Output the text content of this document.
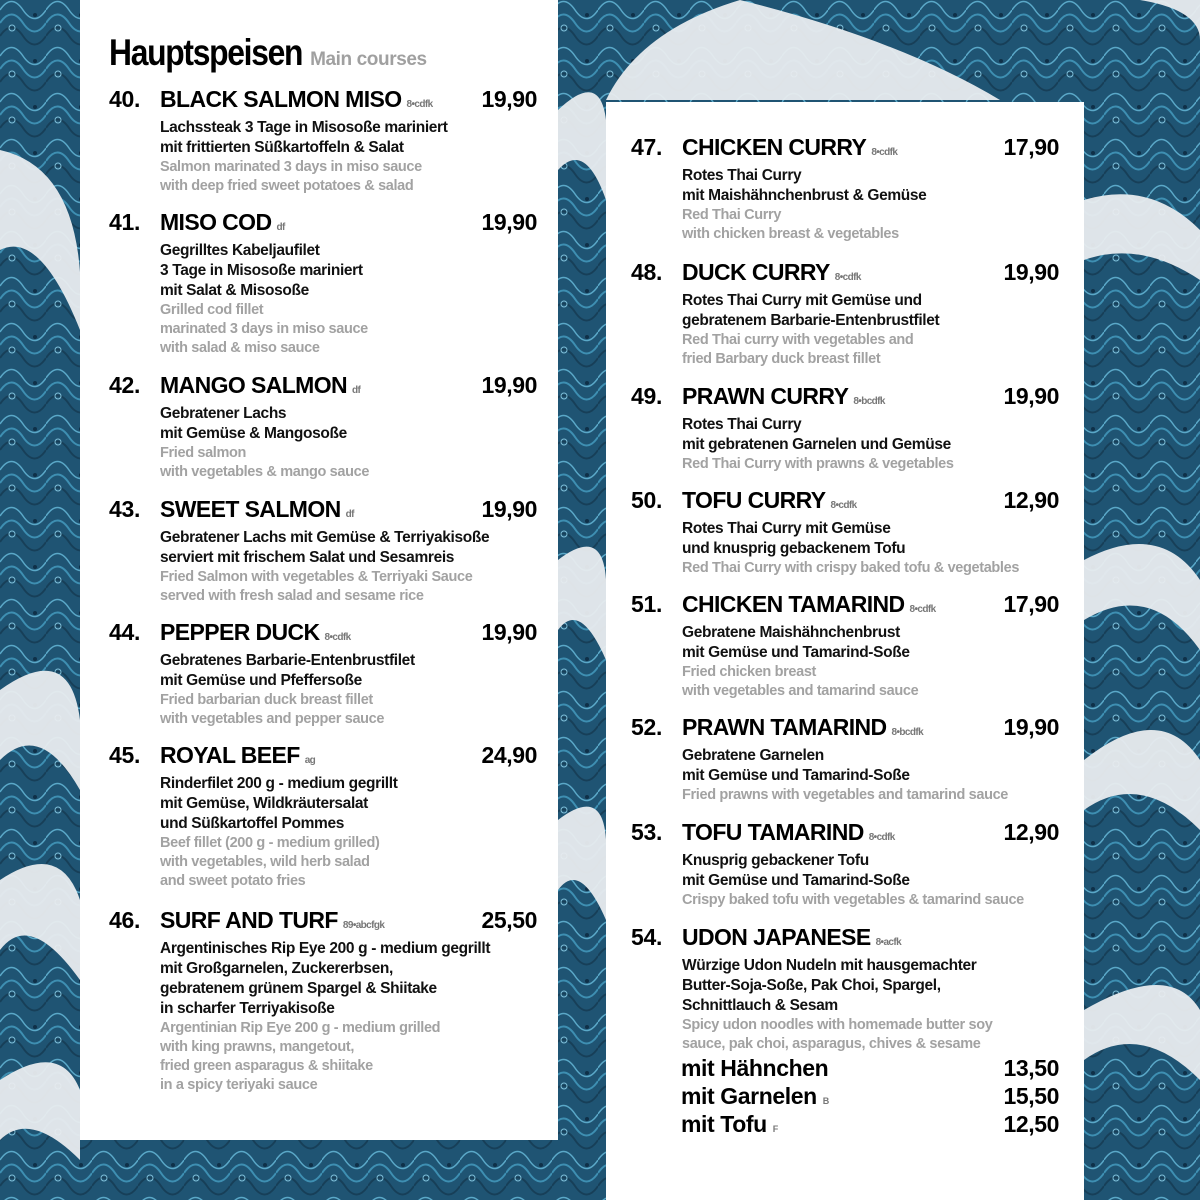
Hauptspeisen Main courses
40. BLACK SALMON MISO 8•cdfk
Lachssteak 3 Tage in Misosoße mariniert
mit frittierten Süßkartoffeln & Salat
Salmon marinated 3 days in miso sauce
with deep fried sweet potatoes & salad
19,90
41. MISO COD df
Gegrilltes Kabeljaufilet
3 Tage in Misosoße mariniert
mit Salat & Misosoße
Grilled cod fillet
marinated 3 days in miso sauce
with salad & miso sauce
19,90
42. MANGO SALMON df
Gebratener Lachs
mit Gemüse & Mangosoße
Fried salmon
with vegetables & mango sauce
19,90
43. SWEET SALMON df
Gebratener Lachs mit Gemüse & Terriyakisoße
serviert mit frischem Salat und Sesamreis
Fried Salmon with vegetables & Terriyaki Sauce
served with fresh salad and sesame rice
19,90
44. PEPPER DUCK 8•cdfk
Gebratenes Barbarie-Entenbrustfilet
mit Gemüse und Pfeffersoße
Fried barbarian duck breast fillet
with vegetables and pepper sauce
19,90
45. ROYAL BEEF ag
Rinderfilet 200 g - medium gegrillt
mit Gemüse, Wildkräutersalat
und Süßkartoffel Pommes
Beef fillet (200 g - medium grilled)
with vegetables, wild herb salad
and sweet potato fries
24,90
46. SURF AND TURF 89•abcfgk
Argentinisches Rip Eye 200 g - medium gegrillt
mit Großgarnelen, Zuckererbsen,
gebratenem grünem Spargel & Shiitake
in scharfer Terriyakisoße
Argentinian Rip Eye 200 g - medium grilled
with king prawns, mangetout,
fried green asparagus & shiitake
in a spicy teriyaki sauce
25,50
47. CHICKEN CURRY 8•cdfk
Rotes Thai Curry
mit Maishähnchenbrust & Gemüse
Red Thai Curry
with chicken breast & vegetables
17,90
48. DUCK CURRY 8•cdfk
Rotes Thai Curry mit Gemüse und
gebratenem Barbarie-Entenbrustfilet
Red Thai curry with vegetables and
fried Barbary duck breast fillet
19,90
49. PRAWN CURRY 8•bcdfk
Rotes Thai Curry
mit gebratenen Garnelen und Gemüse
Red Thai Curry with prawns & vegetables
19,90
50. TOFU CURRY 8•cdfk
Rotes Thai Curry mit Gemüse
und knusprig gebackenem Tofu
Red Thai Curry with crispy baked tofu & vegetables
12,90
51. CHICKEN TAMARIND 8•cdfk
Gebratene Maishähnchenbrust
mit Gemüse und Tamarind-Soße
Fried chicken breast
with vegetables and tamarind sauce
17,90
52. PRAWN TAMARIND 8•bcdfk
Gebratene Garnelen
mit Gemüse und Tamarind-Soße
Fried prawns with vegetables and tamarind sauce
19,90
53. TOFU TAMARIND 8•cdfk
Knusprig gebackener Tofu
mit Gemüse und Tamarind-Soße
Crispy baked tofu with vegetables & tamarind sauce
12,90
54. UDON JAPANESE 8•acfk
Würzige Udon Nudeln mit hausgemachter
Butter-Soja-Soße, Pak Choi, Spargel,
Schnittlauch & Sesam
Spicy udon noodles with homemade butter soy
sauce, pak choi, asparagus, chives & sesame
mit Hähnchen	13,50
mit Garnelen B	15,50
mit Tofu F	12,50
